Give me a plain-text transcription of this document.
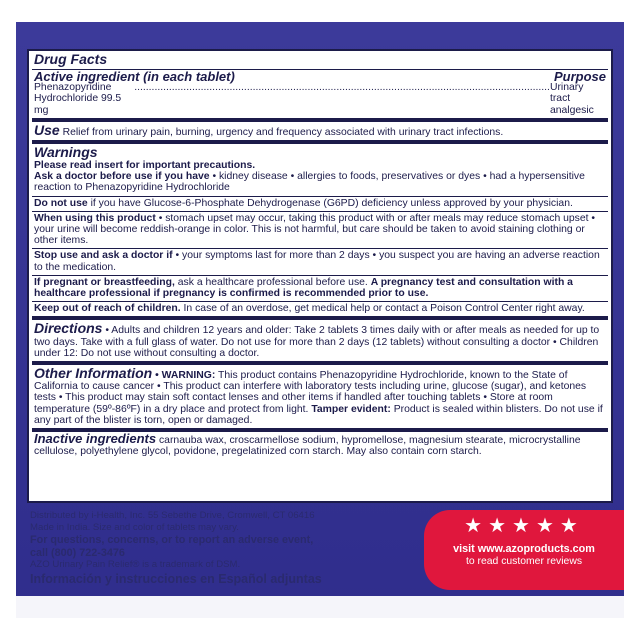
Drug Facts
Active ingredient (in each tablet)	Purpose
Phenazopyridine Hydrochloride 99.5 mg
................................................................................................................................................ Urinary tract analgesic
Use Relief from urinary pain, burning, urgency and frequency associated with urinary tract infections.
Warnings
Please read insert for important precautions.
Ask a doctor before use if you have • kidney disease • allergies to foods, preservatives or dyes • had a hypersensitive reaction to Phenazopyridine Hydrochloride
Do not use if you have Glucose-6-Phosphate Dehydrogenase (G6PD) deficiency unless approved by your physician.
When using this product • stomach upset may occur, taking this product with or after meals may reduce stomach upset • your urine will become reddish-orange in color. This is not harmful, but care should be taken to avoid staining clothing or other items.
Stop use and ask a doctor if • your symptoms last for more than 2 days • you suspect you are having an adverse reaction to the medication.
If pregnant or breastfeeding, ask a healthcare professional before use. A pregnancy test and consultation with a healthcare professional if pregnancy is confirmed is recommended prior to use.
Keep out of reach of children. In case of an overdose, get medical help or contact a Poison Control Center right away.
Directions • Adults and children 12 years and older: Take 2 tablets 3 times daily with or after meals as needed for up to two days. Take with a full glass of water. Do not use for more than 2 days (12 tablets) without consulting a doctor • Children under 12: Do not use without consulting a doctor.
Other Information • WARNING: This product contains Phenazopyridine Hydrochloride, known to the State of California to cause cancer • This product can interfere with laboratory tests including urine, glucose (sugar), and ketones tests • This product may stain soft contact lenses and other items if handled after touching tablets • Store at room temperature (59º-86ºF) in a dry place and protect from light. Tamper evident: Product is sealed within blisters. Do not use if any part of the blister is torn, open or damaged.
Inactive ingredients carnauba wax, croscarmellose sodium, hypromellose, magnesium stearate, microcrystalline cellulose, polyethylene glycol, povidone, pregelatinized corn starch. May also contain corn starch.
Distributed by i-Health, Inc. 55 Sebethe Drive, Cromwell, CT 06416
Made in India. Size and color of tablets may vary.
For questions, concerns, or to report an adverse event,
call (800) 722-3476
AZO Urinary Pain Relief® is a trademark of DSM.
Información y instrucciones en Español adjuntas
★★★★★
visit www.azoproducts.com
to read customer reviews
